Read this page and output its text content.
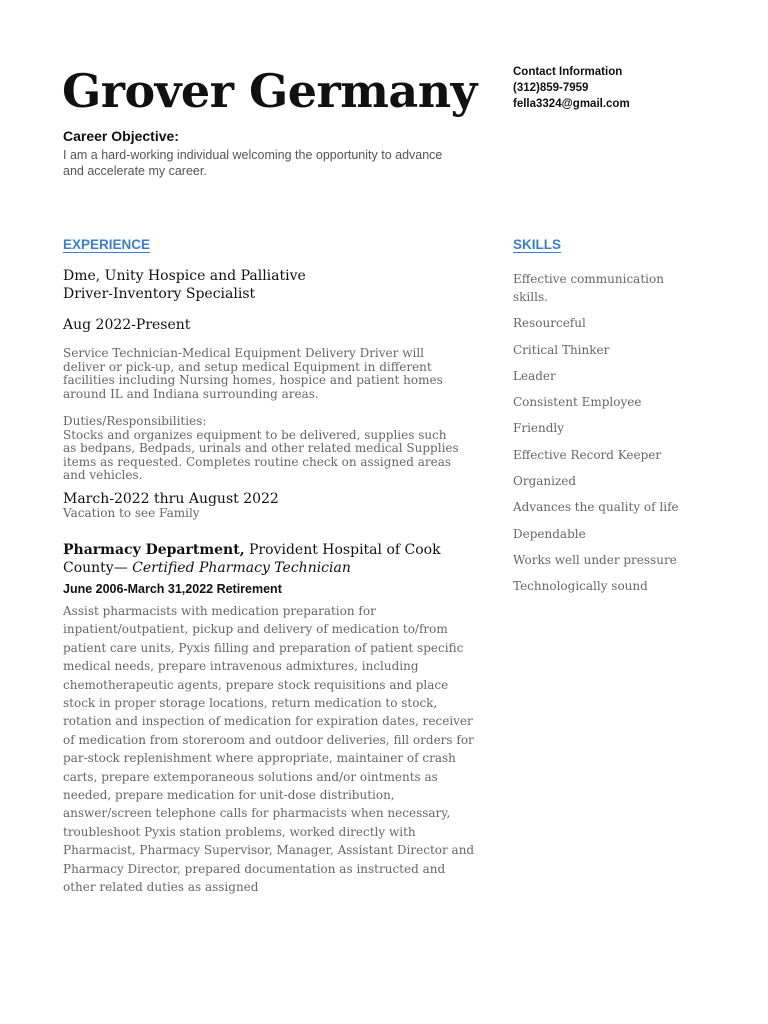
Grover Germany	Contact Information
(312)859-7959
fella3324@gmail.com
Career Objective:
I am a hard-working individual welcoming the opportunity to advance and accelerate my career.
EXPERIENCE	SKILLS
Dme, Unity Hospice and Palliative
Driver-Inventory Specialist
Aug 2022-Present
Service Technician-Medical Equipment Delivery Driver will deliver or pick-up, and setup medical Equipment in different facilities including Nursing homes, hospice and patient homes around IL and Indiana surrounding areas.
Duties/Responsibilities:
Stocks and organizes equipment to be delivered, supplies such as bedpans, Bedpads, urinals and other related medical Supplies items as requested. Completes routine check on assigned areas and vehicles.
March-2022 thru August 2022
Vacation to see Family
Pharmacy Department, Provident Hospital of Cook County— Certified Pharmacy Technician
June 2006-March 31,2022 Retirement
Assist pharmacists with medication preparation for inpatient/outpatient, pickup and delivery of medication to/from patient care units, Pyxis filling and preparation of patient specific medical needs, prepare intravenous admixtures, including chemotherapeutic agents, prepare stock requisitions and place stock in proper storage locations, return medication to stock, rotation and inspection of medication for expiration dates, receiver of medication from storeroom and outdoor deliveries, fill orders for par-stock replenishment where appropriate, maintainer of crash carts, prepare extemporaneous solutions and/or ointments as needed, prepare medication for unit-dose distribution, answer/screen telephone calls for pharmacists when necessary, troubleshoot Pyxis station problems, worked directly with Pharmacist, Pharmacy Supervisor, Manager, Assistant Director and Pharmacy Director, prepared documentation as instructed and other related duties as assigned
Effective communication skills.
Resourceful
Critical Thinker
Leader
Consistent Employee
Friendly
Effective Record Keeper
Organized
Advances the quality of life
Dependable
Works well under pressure
Technologically sound
